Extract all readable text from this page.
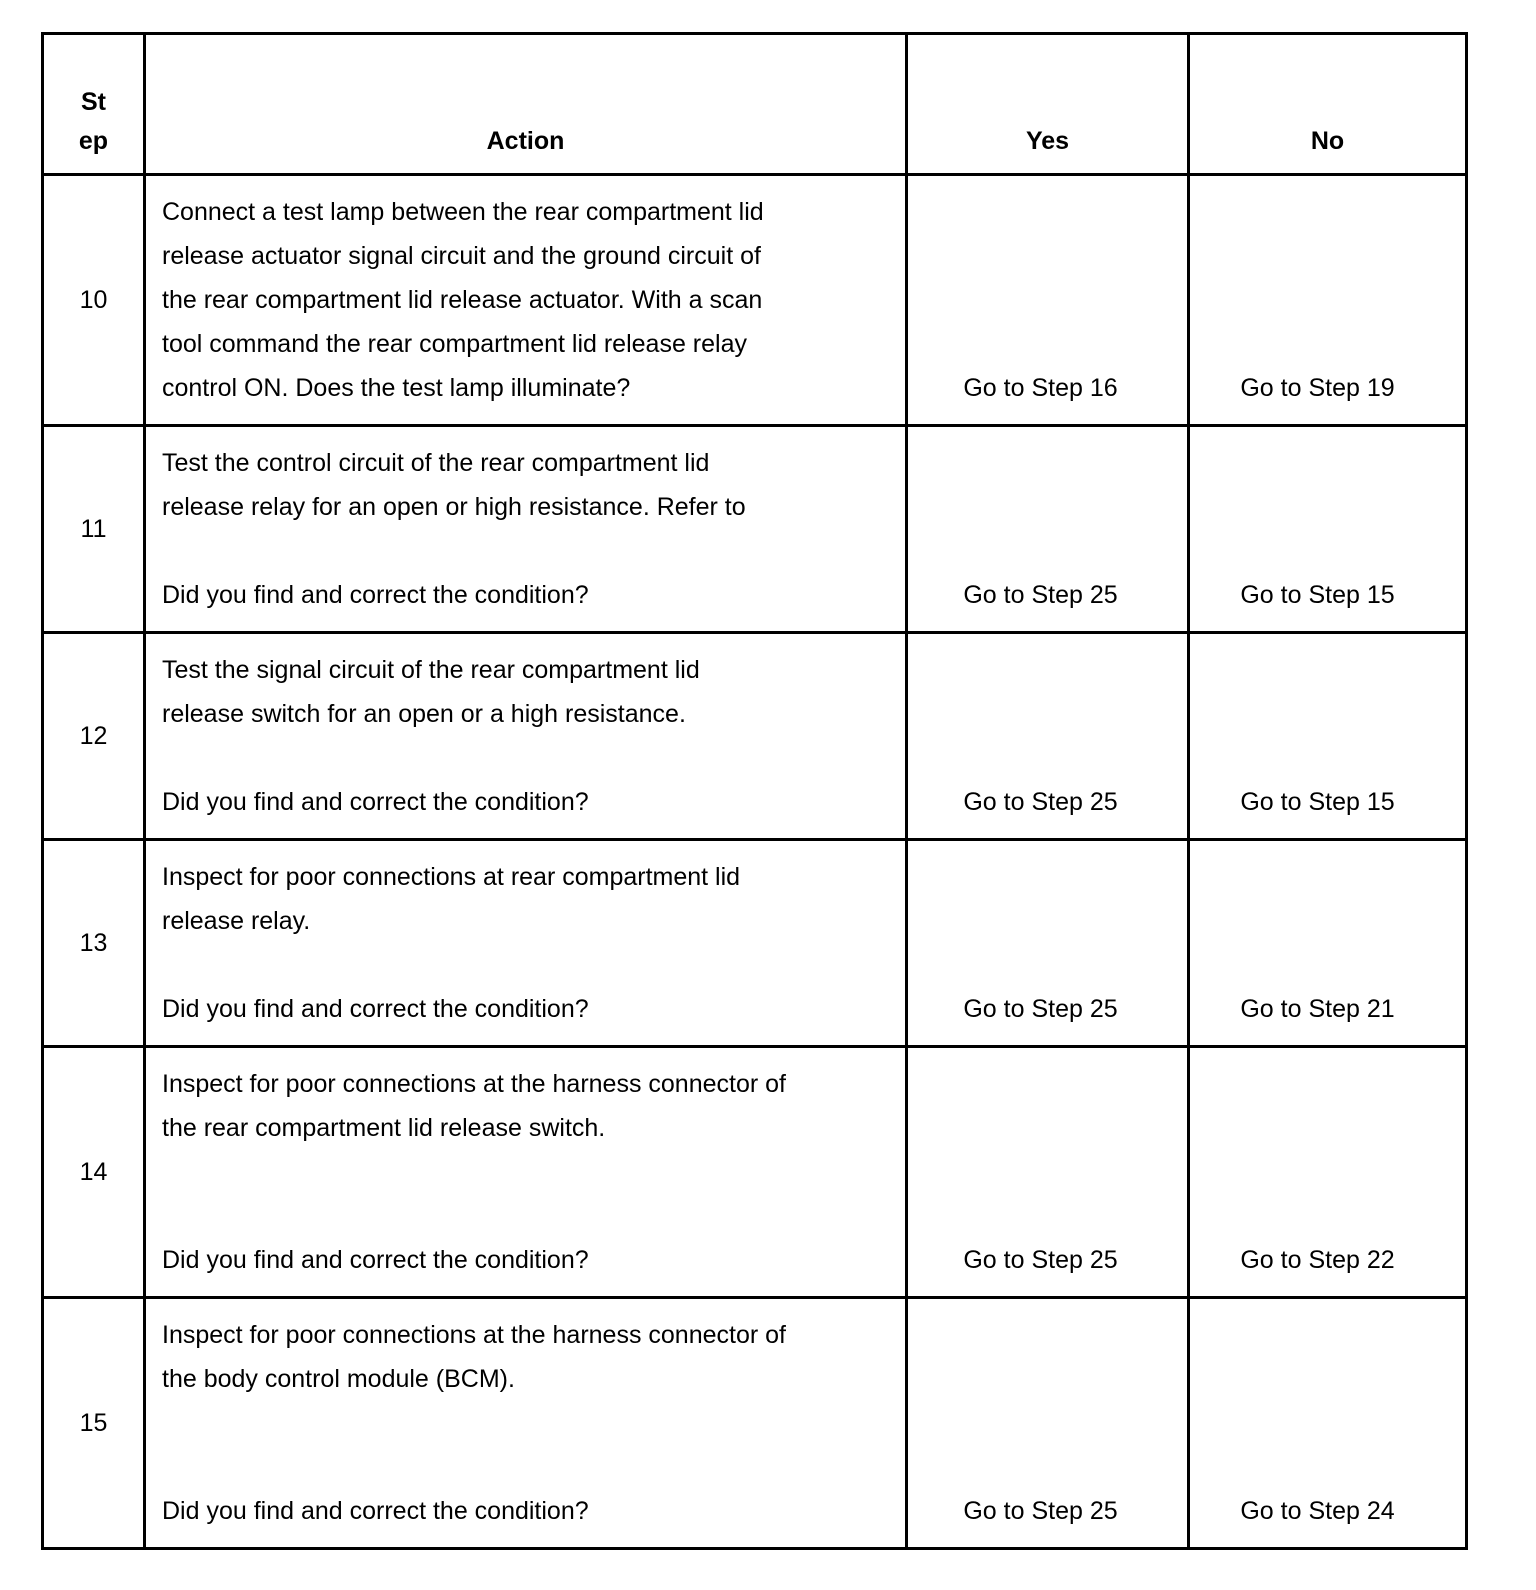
St
ep	Action	Yes	No
10	Connect a test lamp between the rear compartment lid
release actuator signal circuit and the ground circuit of
the rear compartment lid release actuator. With a scan
tool command the rear compartment lid release relay
control ON. Does the test lamp illuminate?	Go to Step 16	Go to Step 19
11	Test the control circuit of the rear compartment lid
release relay for an open or high resistance. Refer to
Did you find and correct the condition?	Go to Step 25	Go to Step 15
12	Test the signal circuit of the rear compartment lid
release switch for an open or a high resistance.
Did you find and correct the condition?	Go to Step 25	Go to Step 15
13	Inspect for poor connections at rear compartment lid
release relay.
Did you find and correct the condition?	Go to Step 25	Go to Step 21
14	Inspect for poor connections at the harness connector of
the rear compartment lid release switch.
Did you find and correct the condition?	Go to Step 25	Go to Step 22
15	Inspect for poor connections at the harness connector of
the body control module (BCM).
Did you find and correct the condition?	Go to Step 25	Go to Step 24
